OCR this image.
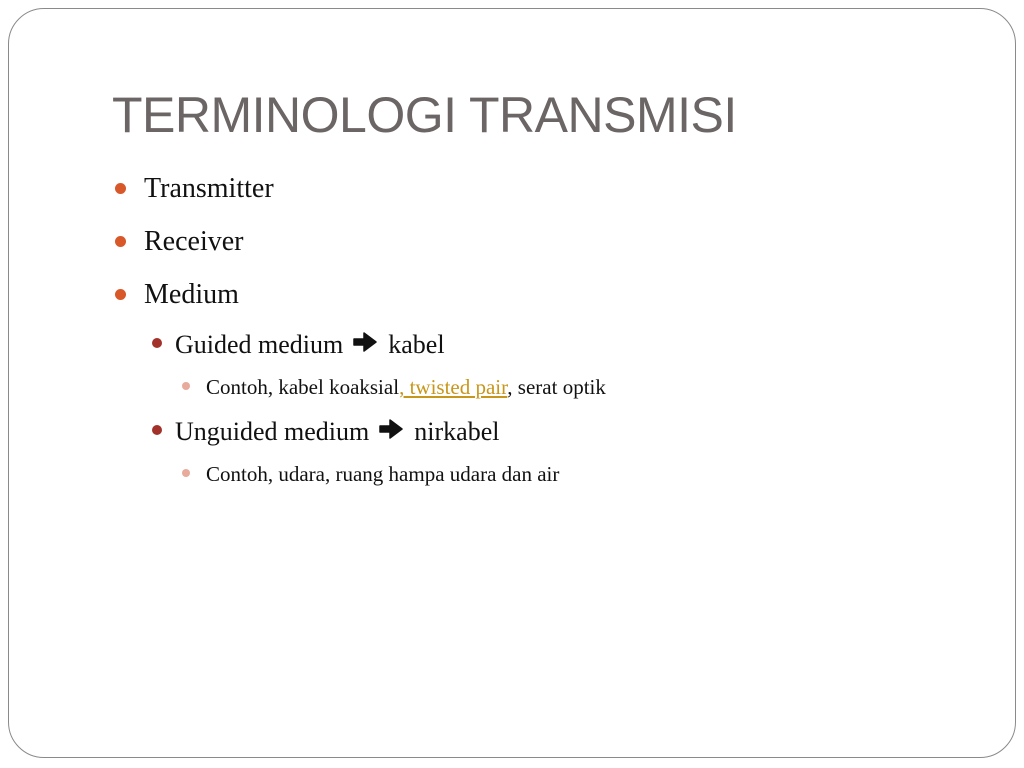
TERMINOLOGI TRANSMISI
Transmitter
Receiver
Medium
Guided medium kabel
Contoh, kabel koaksial, twisted pair, serat optik
Unguided medium nirkabel
Contoh, udara, ruang hampa udara dan air
